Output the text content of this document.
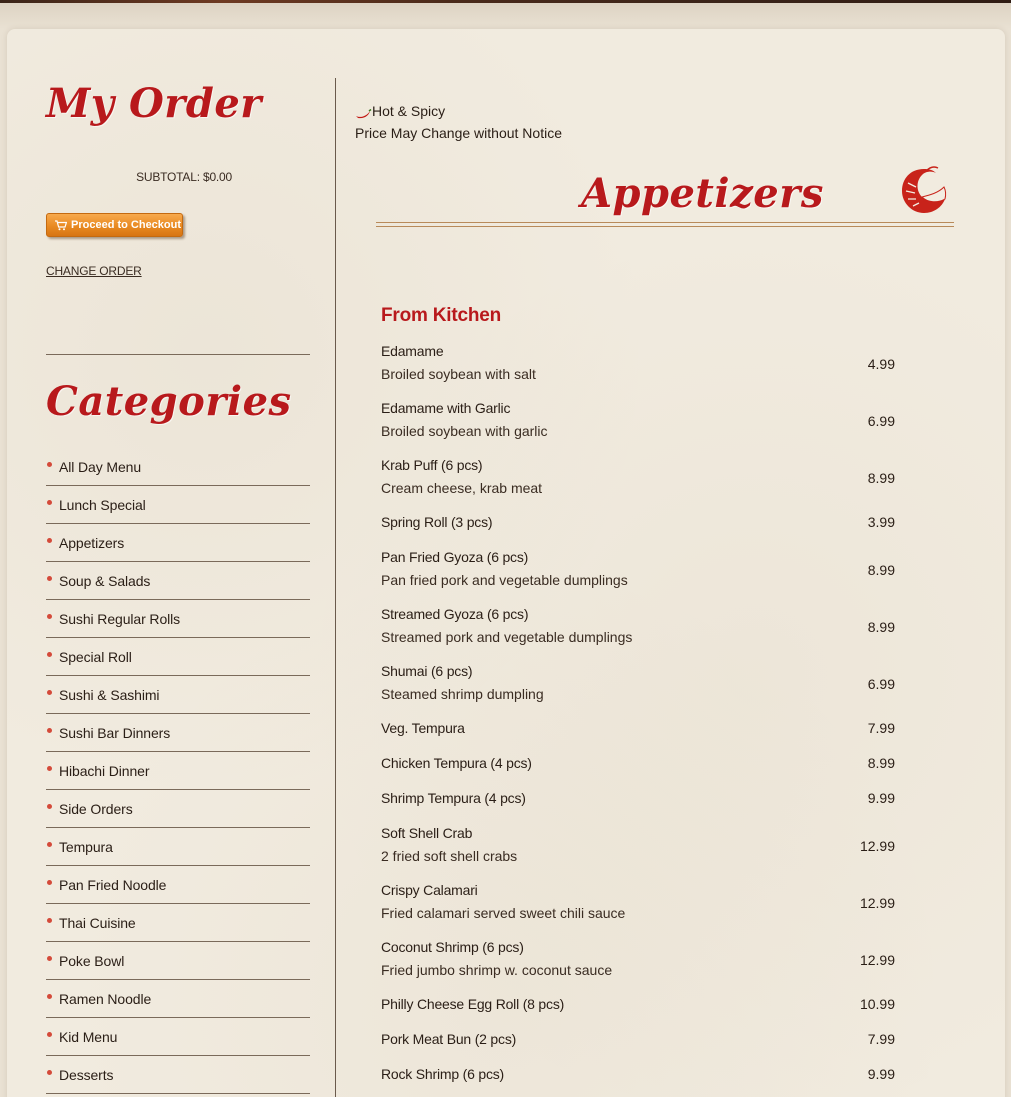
My Order
SUBTOTAL: $0.00
Proceed to Checkout
CHANGE ORDER
Categories
All Day Menu
Lunch Special
Appetizers
Soup & Salads
Sushi Regular Rolls
Special Roll
Sushi & Sashimi
Sushi Bar Dinners
Hibachi Dinner
Side Orders
Tempura
Pan Fried Noodle
Thai Cuisine
Poke Bowl
Ramen Noodle
Kid Menu
Desserts
Hot & Spicy
Price May Change without Notice
Appetizers
From Kitchen
Edamame
Broiled soybean with salt
4.99
Edamame with Garlic
Broiled soybean with garlic
6.99
Krab Puff (6 pcs)
Cream cheese, krab meat
8.99
Spring Roll (3 pcs)	3.99
Pan Fried Gyoza (6 pcs)
Pan fried pork and vegetable dumplings
8.99
Streamed Gyoza (6 pcs)
Streamed pork and vegetable dumplings
8.99
Shumai (6 pcs)
Steamed shrimp dumpling
6.99
Veg. Tempura	7.99
Chicken Tempura (4 pcs)	8.99
Shrimp Tempura (4 pcs)	9.99
Soft Shell Crab
2 fried soft shell crabs
12.99
Crispy Calamari
Fried calamari served sweet chili sauce
12.99
Coconut Shrimp (6 pcs)
Fried jumbo shrimp w. coconut sauce
12.99
Philly Cheese Egg Roll (8 pcs)	10.99
Pork Meat Bun (2 pcs)	7.99
Rock Shrimp (6 pcs)	9.99
